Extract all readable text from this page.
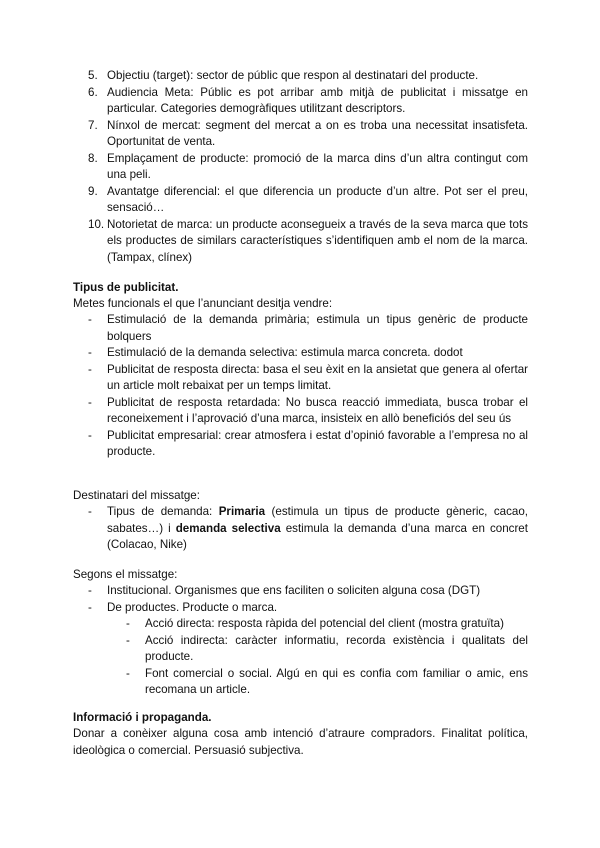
5. Objectiu (target): sector de públic que respon al destinatari del producte.
6. Audiencia Meta: Públic es pot arribar amb mitjà de publicitat i missatge en particular. Categories demogràfiques utilitzant descriptors.
7. Nínxol de mercat: segment del mercat a on es troba una necessitat insatisfeta. Oportunitat de venta.
8. Emplaçament de producte: promoció de la marca dins d’un altra contingut com una peli.
9. Avantatge diferencial: el que diferencia un producte d’un altre. Pot ser el preu, sensació…
10. Notorietat de marca: un producte aconsegueix a través de la seva marca que tots els productes de similars característiques s’identifiquen amb el nom de la marca. (Tampax, clínex)

Tipus de publicitat.

Metes funcionals el que l’anunciant desitja vendre:

-	Estimulació de la demanda primària; estimula un tipus genèric de producte bolquers
-	Estimulació de la demanda selectiva: estimula marca concreta. dodot
-	Publicitat de resposta directa: basa el seu èxit en la ansietat que genera al ofertar un article molt rebaixat per un temps limitat.
-	Publicitat de resposta retardada: No busca reacció immediata, busca trobar el reconeixement i l’aprovació d’una marca, insisteix en allò beneficiós del seu ús
-	Publicitat empresarial: crear atmosfera i estat d’opinió favorable a l’empresa no al producte.

Destinatari del missatge:

-	Tipus de demanda: Primaria (estimula un tipus de producte gèneric, cacao, sabates…) i demanda selectiva estimula la demanda d’una marca en concret (Colacao, Nike)

Segons el missatge:

-	Institucional. Organismes que ens faciliten o soliciten alguna cosa (DGT)
-	De productes. Producte o marca.
-	Acció directa: resposta ràpida del potencial del client (mostra gratuïta)
-	Acció indirecta: caràcter informatiu, recorda existència i qualitats del producte.
-	Font comercial o social. Algú en qui es confia com familiar o amic, ens recomana un article.

Informació i propaganda.

Donar a conèixer alguna cosa amb intenció d’atraure compradors. Finalitat política, ideològica o comercial. Persuasió subjectiva.
